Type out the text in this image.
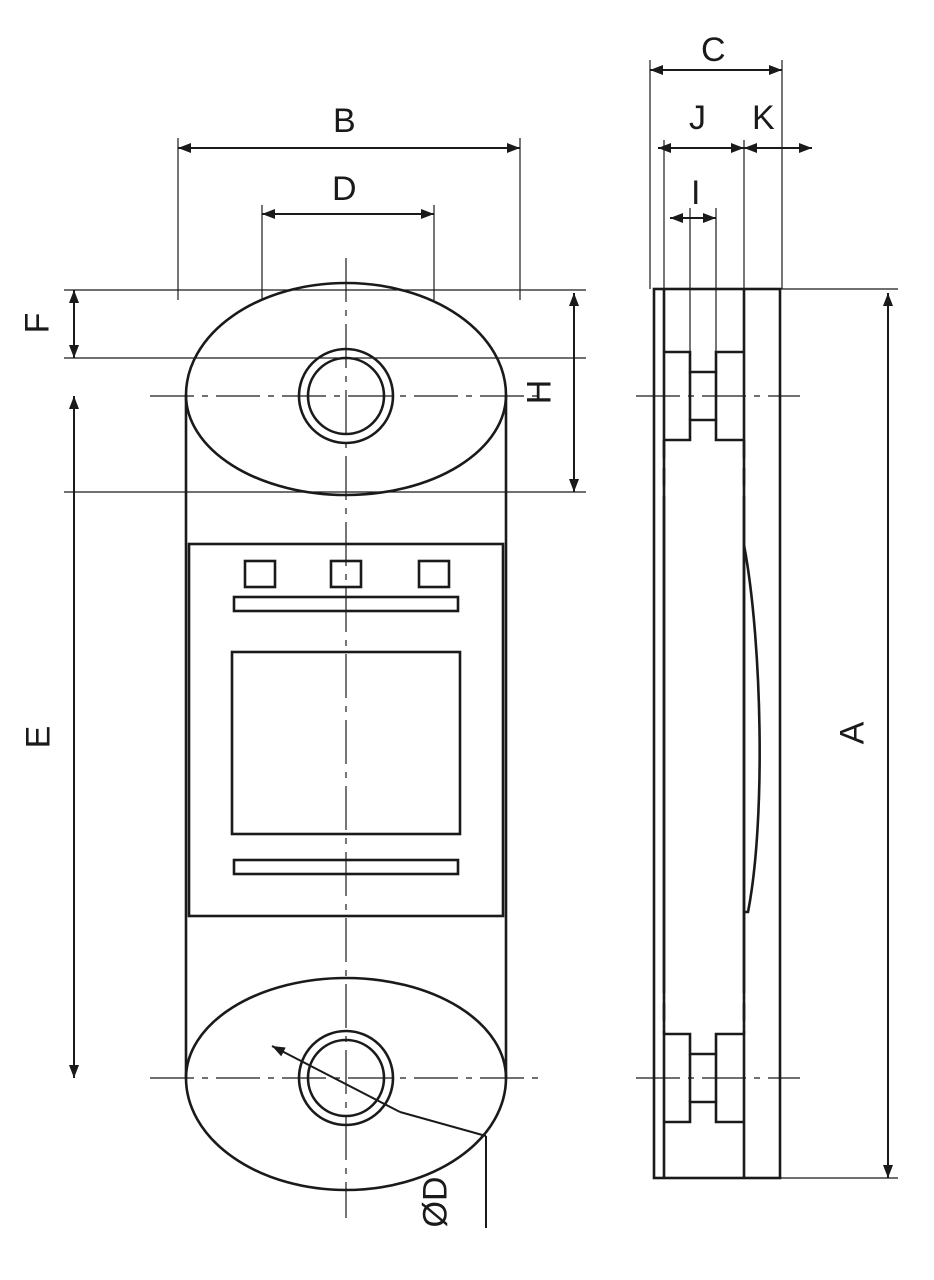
B
D
F
E
H
C
J K
I
A
ØD
